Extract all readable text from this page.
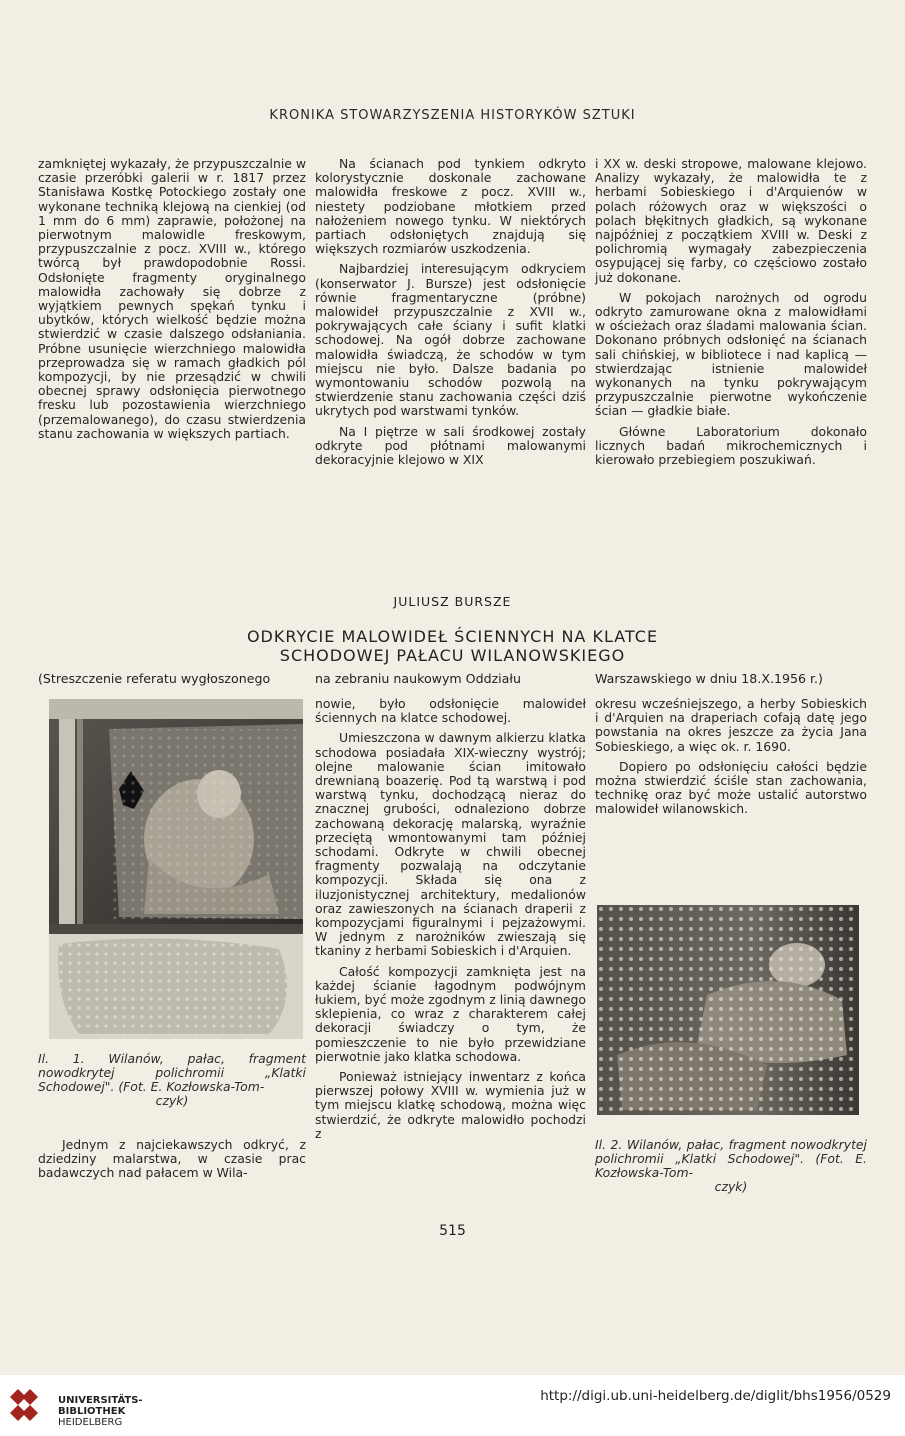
KRONIKA STOWARZYSZENIA HISTORYKÓW SZTUKI

zamkniętej wykazały, że przypuszczalnie w czasie przeróbki galerii w r. 1817 przez Stanisława Kostkę Potockiego zostały one wykonane techniką klejową na cienkiej (od 1 mm do 6 mm) zaprawie, położonej na pierwotnym malowidle freskowym, przypuszczalnie z pocz. XVIII w., którego twórcą był prawdopodobnie Rossi. Odsłonięte fragmenty oryginalnego malowidła zachowały się dobrze z wyjątkiem pewnych spękań tynku i ubytków, których wielkość będzie można stwierdzić w czasie dalszego odsłaniania. Próbne usunięcie wierzchniego malowidła przeprowadza się w ramach gładkich pól kompozycji, by nie przesądzić w chwili obecnej sprawy odsłonięcia pierwotnego fresku lub pozostawienia wierzchniego (przemalowanego), do czasu stwierdzenia stanu zachowania w większych partiach.

Na ścianach pod tynkiem odkryto kolorystycznie doskonale zachowane malowidła freskowe z pocz. XVIII w., niestety podziobane młotkiem przed nałożeniem nowego tynku. W niektórych partiach odsłoniętych znajdują się większych rozmiarów uszkodzenia.

Najbardziej interesującym odkryciem (konserwator J. Bursze) jest odsłonięcie równie fragmentaryczne (próbne) malowideł przypuszczalnie z XVII w., pokrywających całe ściany i sufit klatki schodowej. Na ogół dobrze zachowane malowidła świadczą, że schodów w tym miejscu nie było. Dalsze badania po wymontowaniu schodów pozwolą na stwierdzenie stanu zachowania części dziś ukrytych pod warstwami tynków.

Na I piętrze w sali środkowej zostały odkryte pod płótnami malowanymi dekoracyjnie klejowo w XIX

i XX w. deski stropowe, malowane klejowo. Analizy wykazały, że malowidła te z herbami Sobieskiego i d'Arquienów w polach różowych oraz w większości o polach błękitnych gładkich, są wykonane najpóźniej z początkiem XVIII w. Deski z polichromią wymagały zabezpieczenia osypującej się farby, co częściowo zostało już dokonane.

W pokojach narożnych od ogrodu odkryto zamurowane okna z malowidłami w ościeżach oraz śladami malowania ścian. Dokonano próbnych odsłonięć na ścianach sali chińskiej, w bibliotece i nad kaplicą — stwierdzając istnienie malowideł wykonanych na tynku pokrywającym przypuszczalnie pierwotne wykończenie ścian — gładkie białe.

Główne Laboratorium dokonało licznych badań mikrochemicznych i kierowało przebiegiem poszukiwań.

JULIUSZ BURSZE
ODKRYCIE MALOWIDEŁ ŚCIENNYCH NA KLATCE
SCHODOWEJ PAŁACU WILANOWSKIEGO
(Streszczenie referatu wygłoszonego	na zebraniu naukowym Oddziału	Warszawskiego w dniu 18.X.1956 r.)
Il. 1. Wilanów, pałac, fragment nowodkrytej polichromii „Klatki Schodowej". (Fot. E. Kozłowska-Tom-
czyk)

Jednym z najciekawszych odkryć, z dziedziny malarstwa, w czasie prac badawczych nad pałacem w Wila-

nowie, było odsłonięcie malowideł ściennych na klatce schodowej.

Umieszczona w dawnym alkierzu klatka schodowa posiadała XIX-wieczny wystrój; olejne malowanie ścian imitowało drewnianą boazerię. Pod tą warstwą i pod warstwą tynku, dochodzącą nieraz do znacznej grubości, odnaleziono dobrze zachowaną dekorację malarską, wyraźnie przeciętą wmontowanymi tam później schodami. Odkryte w chwili obecnej fragmenty pozwalają na odczytanie kompozycji. Składa się ona z iluzjonistycznej architektury, medalionów oraz zawieszonych na ścianach draperii z kompozycjami figuralnymi i pejzażowymi. W jednym z narożników zwieszają się tkaniny z herbami Sobieskich i d'Arquien.

Całość kompozycji zamknięta jest na każdej ścianie łagodnym podwójnym łukiem, być może zgodnym z linią dawnego sklepienia, co wraz z charakterem całej dekoracji świadczy o tym, że pomieszczenie to nie było przewidziane pierwotnie jako klatka schodowa.

Ponieważ istniejący inwentarz z końca pierwszej połowy XVIII w. wymienia już w tym miejscu klatkę schodową, można więc stwierdzić, że odkryte malowidło pochodzi z

okresu wcześniejszego, a herby Sobieskich i d'Arquien na draperiach cofają datę jego powstania na okres jeszcze za życia Jana Sobieskiego, a więc ok. r. 1690.

Dopiero po odsłonięciu całości będzie można stwierdzić ściśle stan zachowania, technikę oraz być może ustalić autorstwo malowideł wilanowskich.

Il. 2. Wilanów, pałac, fragment nowodkrytej polichromii „Klatki Schodowej". (Fot. E. Kozłowska-Tom-
czyk)
515
UNIVERSITÄTS-
BIBLIOTHEK
HEIDELBERG
http://digi.ub.uni-heidelberg.de/diglit/bhs1956/0529
